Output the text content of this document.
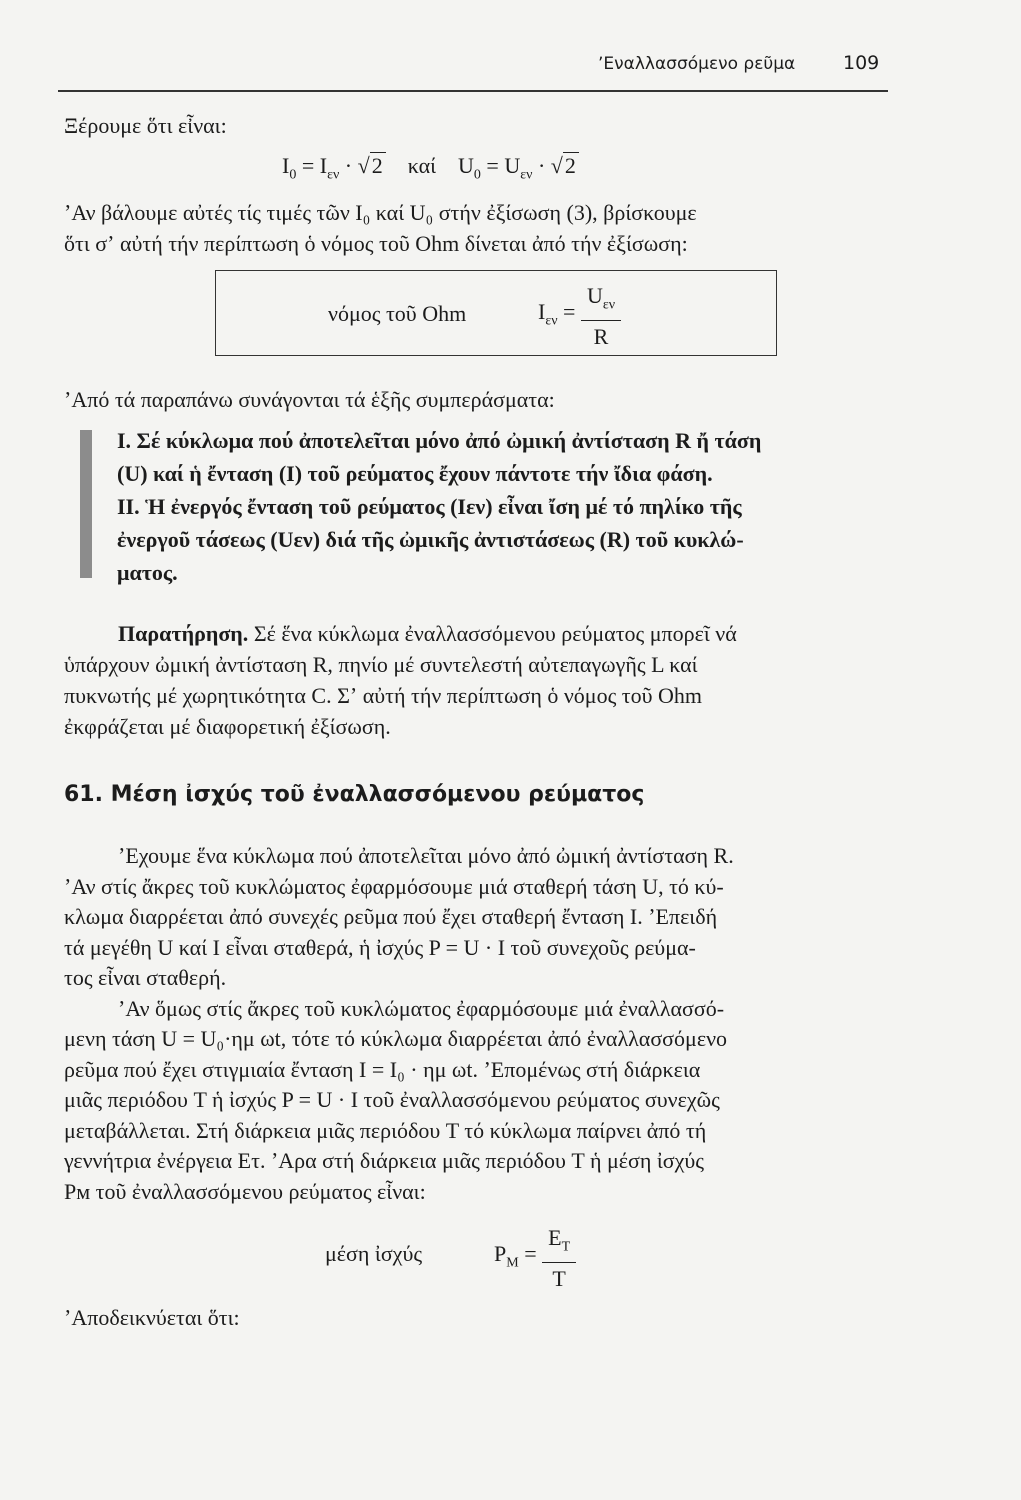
ʼΕναλλασσόμενο ρεῦμα	109
Ξέρουμε ὅτι εἶναι:
$I_0 = I_{\varepsilon\nu} \cdot √2$ καί $U_0 = U_{\varepsilon\nu} \cdot √2$
ʼΑν βάλουμε αὐτές τίς τιμές τῶν I₀ καί U₀ στήν ἐξίσωση (3), βρίσκουμε
ὅτι σʼ αὐτή τήν περίπτωση ὁ νόμος τοῦ Ohm δίνεται ἀπό τήν ἐξίσωση:
νόμος τοῦ Ohm	$I_{\varepsilon\nu} = \frac{U_{\varepsilon\nu}}{R}$
ʼΑπό τά παραπάνω συνάγονται τά ἑξῆς συμπεράσματα:
I. Σέ κύκλωμα πού ἀποτελεῖται μόνο ἀπό ὠμική ἀντίσταση R ἤ τάση
(U) καί ἡ ἔνταση (I) τοῦ ρεύματος ἔχουν πάντοτε τήν ἴδια φάση.
II. Ἡ ἐνεργός ἔνταση τοῦ ρεύματος (Iεν) εἶναι ἴση μέ τό πηλίκο τῆς
ἐνεργοῦ τάσεως (Uεν) διά τῆς ὠμικῆς ἀντιστάσεως (R) τοῦ κυκλώ-
ματος.
Παρατήρηση. Σέ ἕνα κύκλωμα ἐναλλασσόμενου ρεύματος μπορεῖ νά
ὑπάρχουν ὠμική ἀντίσταση R, πηνίο μέ συντελεστή αὐτεπαγωγῆς L καί
πυκνωτής μέ χωρητικότητα C. Σʼ αὐτή τήν περίπτωση ὁ νόμος τοῦ Ohm
ἐκφράζεται μέ διαφορετική ἐξίσωση.
61. Μέση ἰσχύς τοῦ ἐναλλασσόμενου ρεύματος
ʼΕχουμε ἕνα κύκλωμα πού ἀποτελεῖται μόνο ἀπό ὠμική ἀντίσταση R.
ʼΑν στίς ἄκρες τοῦ κυκλώματος ἐφαρμόσουμε μιά σταθερή τάση U, τό κύ-
κλωμα διαρρέεται ἀπό συνεχές ρεῦμα πού ἔχει σταθερή ἔνταση I. ʼΕπειδή
τά μεγέθη U καί I εἶναι σταθερά, ἡ ἰσχύς P = U · I τοῦ συνεχοῦς ρεύμα-
τος εἶναι σταθερή.
ʼΑν ὅμως στίς ἄκρες τοῦ κυκλώματος ἐφαρμόσουμε μιά ἐναλλασσό-
μενη τάση U = U₀·ημ ωt, τότε τό κύκλωμα διαρρέεται ἀπό ἐναλλασσόμενο
ρεῦμα πού ἔχει στιγμιαία ἔνταση I = I₀ · ημ ωt. ʼΕπομένως στή διάρκεια
μιᾶς περιόδου T ἡ ἰσχύς P = U · I τοῦ ἐναλλασσόμενου ρεύματος συνεχῶς
μεταβάλλεται. Στή διάρκεια μιᾶς περιόδου T τό κύκλωμα παίρνει ἀπό τή
γεννήτρια ἐνέργεια Eτ. ʼΑρα στή διάρκεια μιᾶς περιόδου T ἡ μέση ἰσχύς
Pм τοῦ ἐναλλασσόμενου ρεύματος εἶναι:
μέση ἰσχύς	$P_M = \frac{E_T}{T}$
ʼΑποδεικνύεται ὅτι:
